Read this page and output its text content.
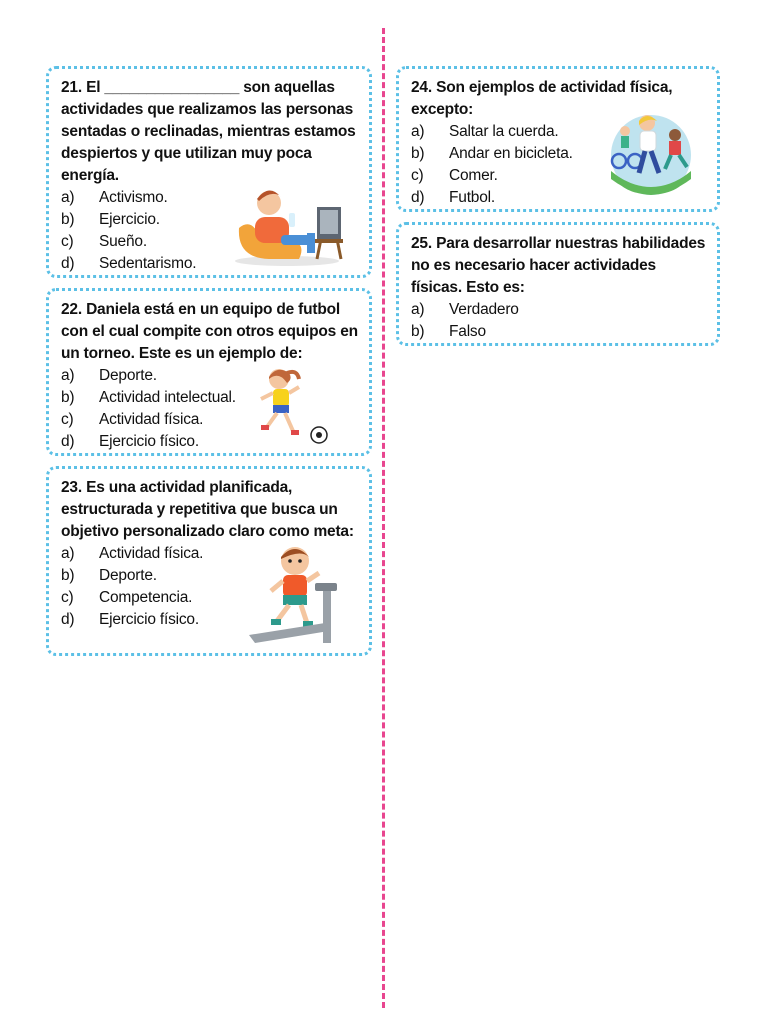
21. El ________________ son aquellas actividades que realizamos las personas sentadas o reclinadas, mientras estamos despiertos y que utilizan muy poca energía.
a)	Activismo.
b)	Ejercicio.
c)	Sueño.
d)	Sedentarismo.
22. Daniela está en un equipo de futbol con el cual compite con otros equipos en un torneo. Este es un ejemplo de:
a)	Deporte.
b)	Actividad intelectual.
c)	Actividad física.
d)	Ejercicio físico.
23. Es una actividad planificada, estructurada y repetitiva que busca un objetivo personalizado claro como meta:
a)	Actividad física.
b)	Deporte.
c)	Competencia.
d)	Ejercicio físico.
24. Son ejemplos de actividad física, excepto:
a)	Saltar la cuerda.
b)	Andar en bicicleta.
c)	Comer.
d)	Futbol.
25. Para desarrollar nuestras habilidades no es necesario hacer actividades físicas. Esto es:
a)	Verdadero
b)	Falso
